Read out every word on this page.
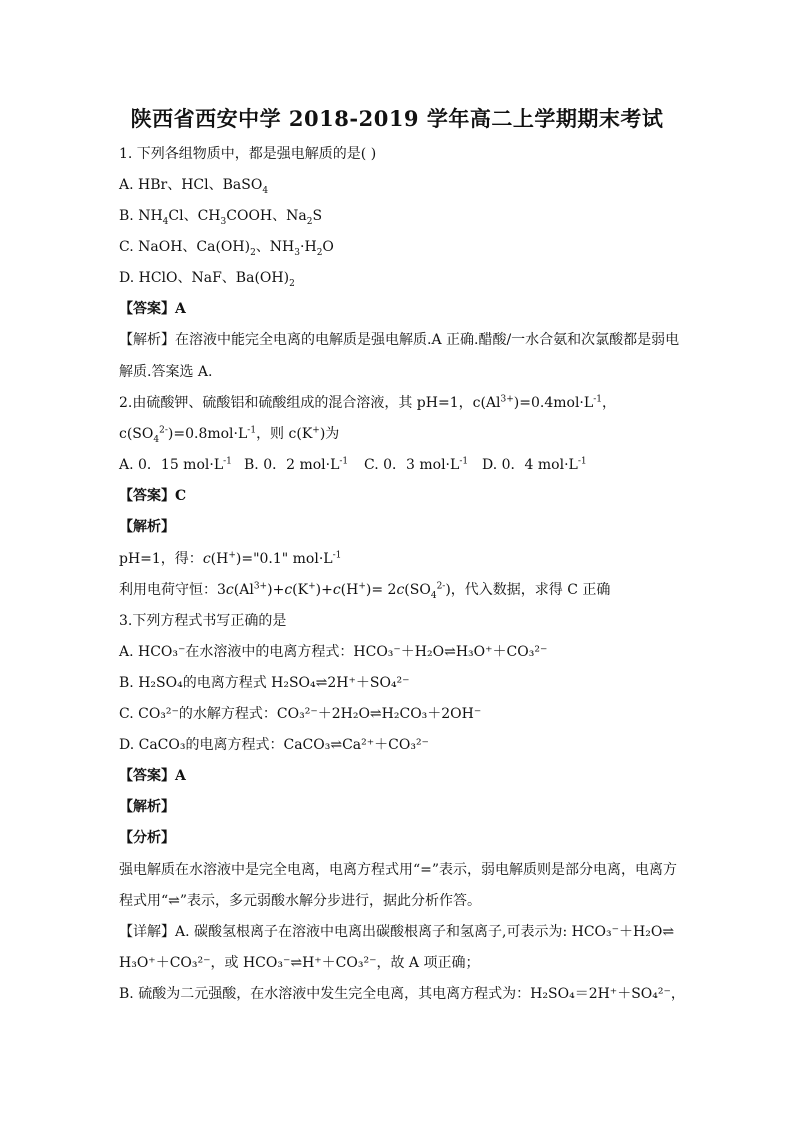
陕西省西安中学 2018-2019 学年高二上学期期末考试
1. 下列各组物质中，都是强电解质的是( )
A. HBr、HCl、BaSO$_4$
B. $NH_4Cl$、$CH_3COOH$、$Na_2S$
C. NaOH、$Ca(OH)_2$、$NH_3\cdot H_2O$
D. HClO、NaF、$Ba(OH)_2$
【答案】A
【解析】在溶液中能完全电离的电解质是强电解质.A 正确.醋酸/一水合氨和次氯酸都是弱电
解质.答案选 A.
2.由硫酸钾、硫酸铝和硫酸组成的混合溶液，其 pH=1，$c(Al^{3+})=0.4mol\cdot L^{-1}$，
$c(SO_4^{2-})=0.8mol\cdot L^{-1}$，则 c(K+)为
A. 0．15 $mol\cdot L^{-1}$ B. 0．2 $mol\cdot L^{-1}$ C. 0．3 $mol\cdot L^{-1}$ D. 0．4 $mol\cdot L^{-1}$
【答案】C
【解析】
pH=1，得：c(H+)="0.1" $mol\cdot L^{-1}$
利用电荷守恒：$3c(Al^{3+})+c(K^+)+c(H^+)= 2c(SO_4^{2-})$，代入数据，求得 C 正确
3.下列方程式书写正确的是
A. HCO₃⁻在水溶液中的电离方程式：HCO₃⁻＋H₂O⇌H₃O⁺＋CO₃²⁻
B. H₂SO₄的电离方程式 H₂SO₄⇌2H⁺＋SO₄²⁻
C. CO₃²⁻的水解方程式：CO₃²⁻＋2H₂O⇌H₂CO₃＋2OH⁻
D. CaCO₃的电离方程式：CaCO₃⇌Ca²⁺＋CO₃²⁻
【答案】A
【解析】
【分析】
强电解质在水溶液中是完全电离，电离方程式用“=”表示，弱电解质则是部分电离，电离方
程式用“⇌”表示，多元弱酸水解分步进行，据此分析作答。
【详解】A. 碳酸氢根离子在溶液中电离出碳酸根离子和氢离子,可表示为: HCO₃⁻＋H₂O⇌
H₃O⁺＋CO₃²⁻，或 HCO₃⁻⇌H⁺＋CO₃²⁻，故 A 项正确；
B. 硫酸为二元强酸，在水溶液中发生完全电离，其电离方程式为：H₂SO₄＝2H⁺＋SO₄²⁻，
